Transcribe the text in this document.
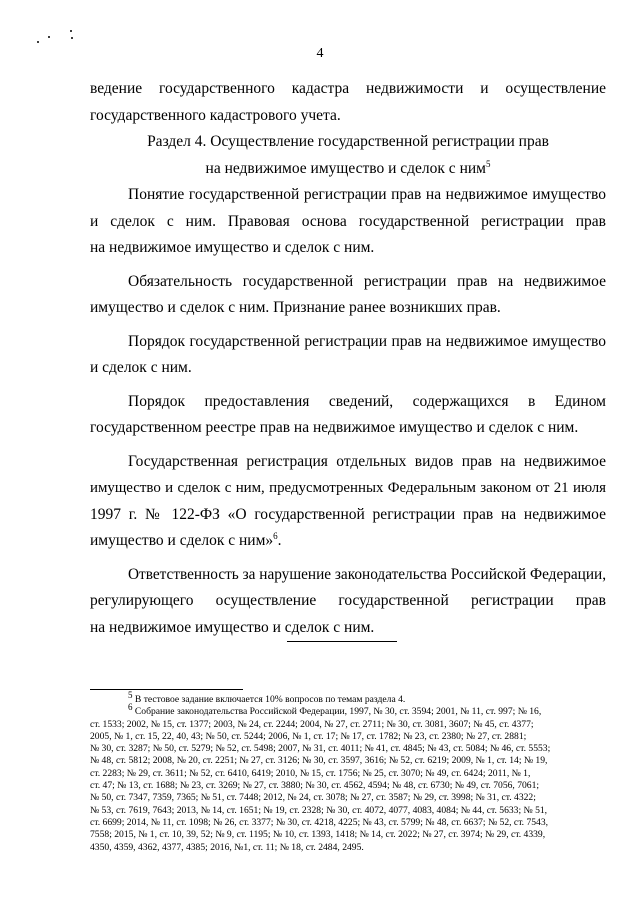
4
ведение государственного кадастра недвижимости и осуществление
государственного кадастрового учета.
Раздел 4. Осуществление государственной регистрации прав
на недвижимое имущество и сделок с ним$^5$
Понятие государственной регистрации прав на недвижимое имущество
и сделок с ним. Правовая основа государственной регистрации прав
на недвижимое имущество и сделок с ним.
Обязательность государственной регистрации прав на недвижимое
имущество и сделок с ним. Признание ранее возникших прав.
Порядок государственной регистрации прав на недвижимое имущество
и сделок с ним.
Порядок предоставления сведений, содержащихся в Едином
государственном реестре прав на недвижимое имущество и сделок с ним.
Государственная регистрация отдельных видов прав на недвижимое
имущество и сделок с ним, предусмотренных Федеральным законом от 21 июля
1997 г. № 122-ФЗ «О государственной регистрации прав на недвижимое
имущество и сделок с ним»$^6$.
Ответственность за нарушение законодательства Российской Федерации,
регулирующего осуществление государственной регистрации прав
на недвижимое имущество и сделок с ним.
$^5$ В тестовое задание включается 10% вопросов по темам раздела 4.
$^6$ Собрание законодательства Российской Федерации, 1997, № 30, ст. 3594; 2001, № 11, ст. 997; № 16,
ст. 1533; 2002, № 15, ст. 1377; 2003, № 24, ст. 2244; 2004, № 27, ст. 2711; № 30, ст. 3081, 3607; № 45, ст. 4377;
2005, № 1, ст. 15, 22, 40, 43; № 50, ст. 5244; 2006, № 1, ст. 17; № 17, ст. 1782; № 23, ст. 2380; № 27, ст. 2881;
№ 30, ст. 3287; № 50, ст. 5279; № 52, ст. 5498; 2007, № 31, ст. 4011; № 41, ст. 4845; № 43, ст. 5084; № 46, ст. 5553;
№ 48, ст. 5812; 2008, № 20, ст. 2251; № 27, ст. 3126; № 30, ст. 3597, 3616; № 52, ст. 6219; 2009, № 1, ст. 14; № 19,
ст. 2283; № 29, ст. 3611; № 52, ст. 6410, 6419; 2010, № 15, ст. 1756; № 25, ст. 3070; № 49, ст. 6424; 2011, № 1,
ст. 47; № 13, ст. 1688; № 23, ст. 3269; № 27, ст. 3880; № 30, ст. 4562, 4594; № 48, ст. 6730; № 49, ст. 7056, 7061;
№ 50, ст. 7347, 7359, 7365; № 51, ст. 7448; 2012, № 24, ст. 3078; № 27, ст. 3587; № 29, ст. 3998; № 31, ст. 4322;
№ 53, ст. 7619, 7643; 2013, № 14, ст. 1651; № 19, ст. 2328; № 30, ст. 4072, 4077, 4083, 4084; № 44, ст. 5633; № 51,
ст. 6699; 2014, № 11, ст. 1098; № 26, ст. 3377; № 30, ст. 4218, 4225; № 43, ст. 5799; № 48, ст. 6637; № 52, ст. 7543,
7558; 2015, № 1, ст. 10, 39, 52; № 9, ст. 1195; № 10, ст. 1393, 1418; № 14, ст. 2022; № 27, ст. 3974; № 29, ст. 4339,
4350, 4359, 4362, 4377, 4385; 2016, №1, ст. 11; № 18, ст. 2484, 2495.
